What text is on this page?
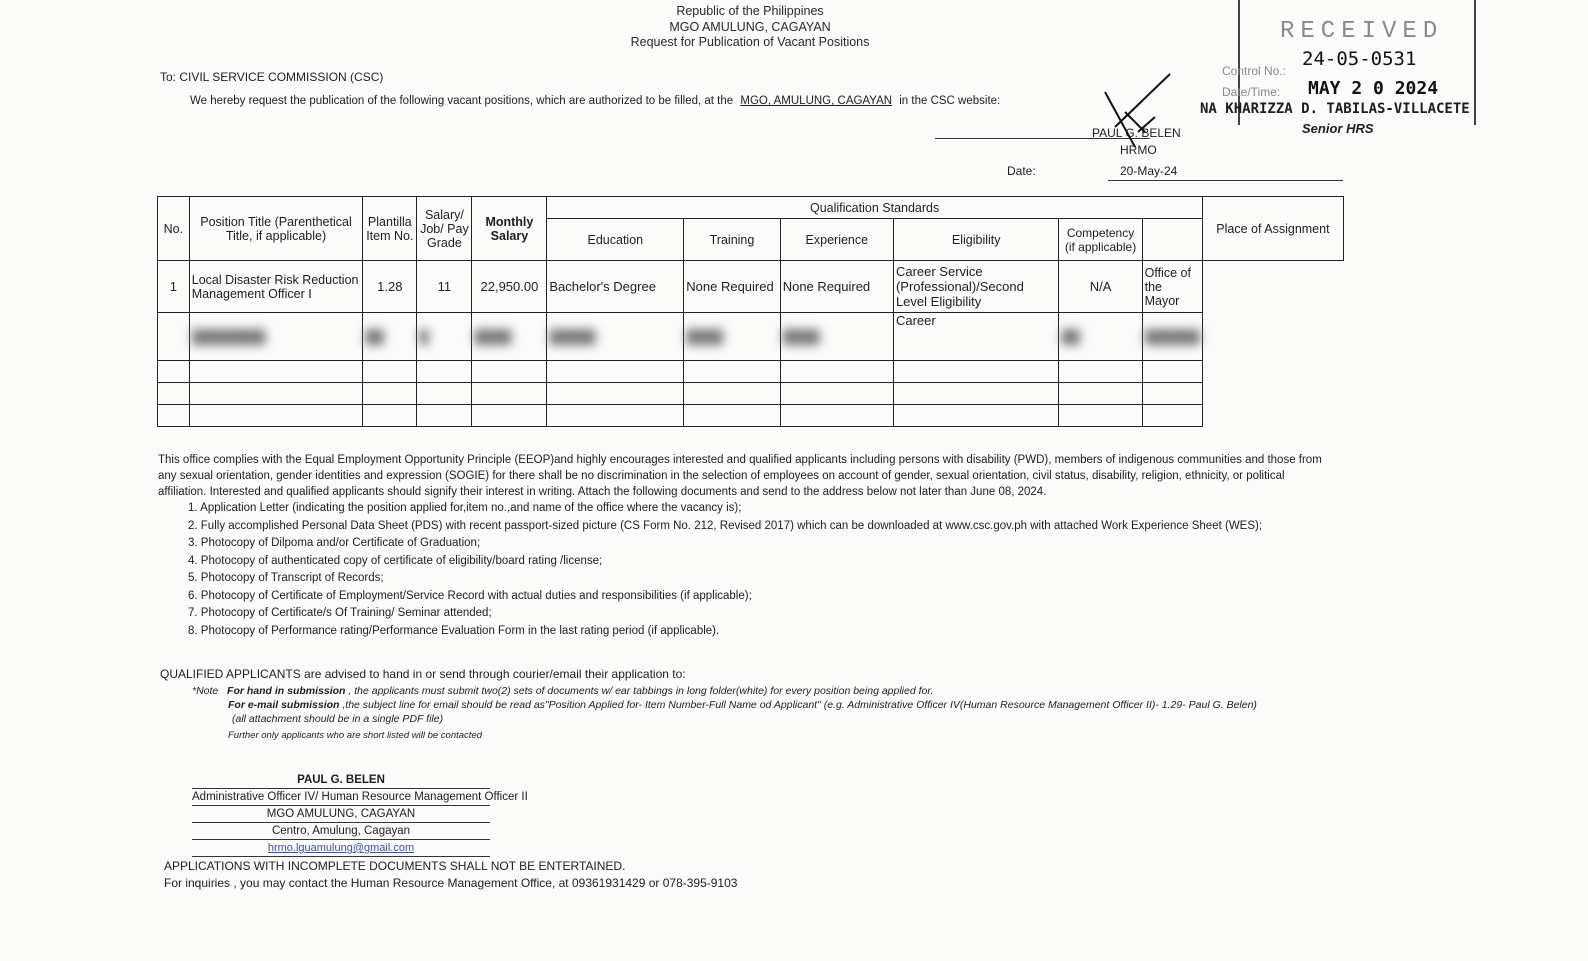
Republic of the Philippines
MGO AMULUNG, CAGAYAN
Request for Publication of Vacant Positions
To: CIVIL SERVICE COMMISSION (CSC)
We hereby request the publication of the following vacant positions, which are authorized to be filled, at the MGO, AMULUNG, CAGAYAN in the CSC website:
PAUL G. BELEN
HRMO
Date:	20-May-24
RECEIVED
Control No.:
24-05-0531
Date/Time: MAY 2 0 2024
NA KHARIZZA D. TABILAS-VILLACETE
Senior HRS
No.	Position Title (Parenthetical Title, if applicable)	Plantilla Item No.	Salary/ Job/ Pay Grade	Monthly Salary	Qualification Standards						Place of Assignment
					Education	Training	Experience	Eligibility	Competency (if applicable)		
1	Local Disaster Risk Reduction Management Officer I	1.28	11	22,950.00	Bachelor's Degree	None Required	None Required	Career Service (Professional)/Second Level Eligibility	N/A	Office of the Mayor	
	████████	██	█	████	█████	████	████	Career	██	██████	

This office complies with the Equal Employment Opportunity Principle (EEOP)and highly encourages interested and qualified applicants including persons with disability (PWD), members of indigenous communities and those from any sexual orientation, gender identities and expression (SOGIE) for there shall be no discrimination in the selection of employees on account of gender, sexual orientation, civil status, disability, religion, ethnicity, or political affiliation. Interested and qualified applicants should signify their interest in writing. Attach the following documents and send to the address below not later than June 08, 2024.
1. Application Letter (indicating the position applied for,item no.,and name of the office where the vacancy is);
2. Fully accomplished Personal Data Sheet (PDS) with recent passport-sized picture (CS Form No. 212, Revised 2017) which can be downloaded at www.csc.gov.ph with attached Work Experience Sheet (WES);
3. Photocopy of Dilpoma and/or Certificate of Graduation;
4. Photocopy of authenticated copy of certificate of eligibility/board rating /license;
5. Photocopy of Transcript of Records;
6. Photocopy of Certificate of Employment/Service Record with actual duties and responsibilities (if applicable);
7. Photocopy of Certificate/s Of Training/ Seminar attended;
8. Photocopy of Performance rating/Performance Evaluation Form in the last rating period (if applicable).
QUALIFIED APPLICANTS are advised to hand in or send through courier/email their application to:
*Note For hand in submission , the applicants must submit two(2) sets of documents w/ ear tabbings in long folder(white) for every position being applied for.
For e-mail submission ,the subject line for email should be read as"Position Applied for- Item Number-Full Name od Applicant" (e.g. Administrative Officer IV(Human Resource Management Officer II)- 1.29- Paul G. Belen)
(all attachment should be in a single PDF file)
Further only applicants who are short listed will be contacted
PAUL G. BELEN
Administrative Officer IV/ Human Resource Management Officer II
MGO AMULUNG, CAGAYAN
Centro, Amulung, Cagayan
hrmo.lguamulung@gmail.com
APPLICATIONS WITH INCOMPLETE DOCUMENTS SHALL NOT BE ENTERTAINED.
For inquiries , you may contact the Human Resource Management Office, at 09361931429 or 078-395-9103
